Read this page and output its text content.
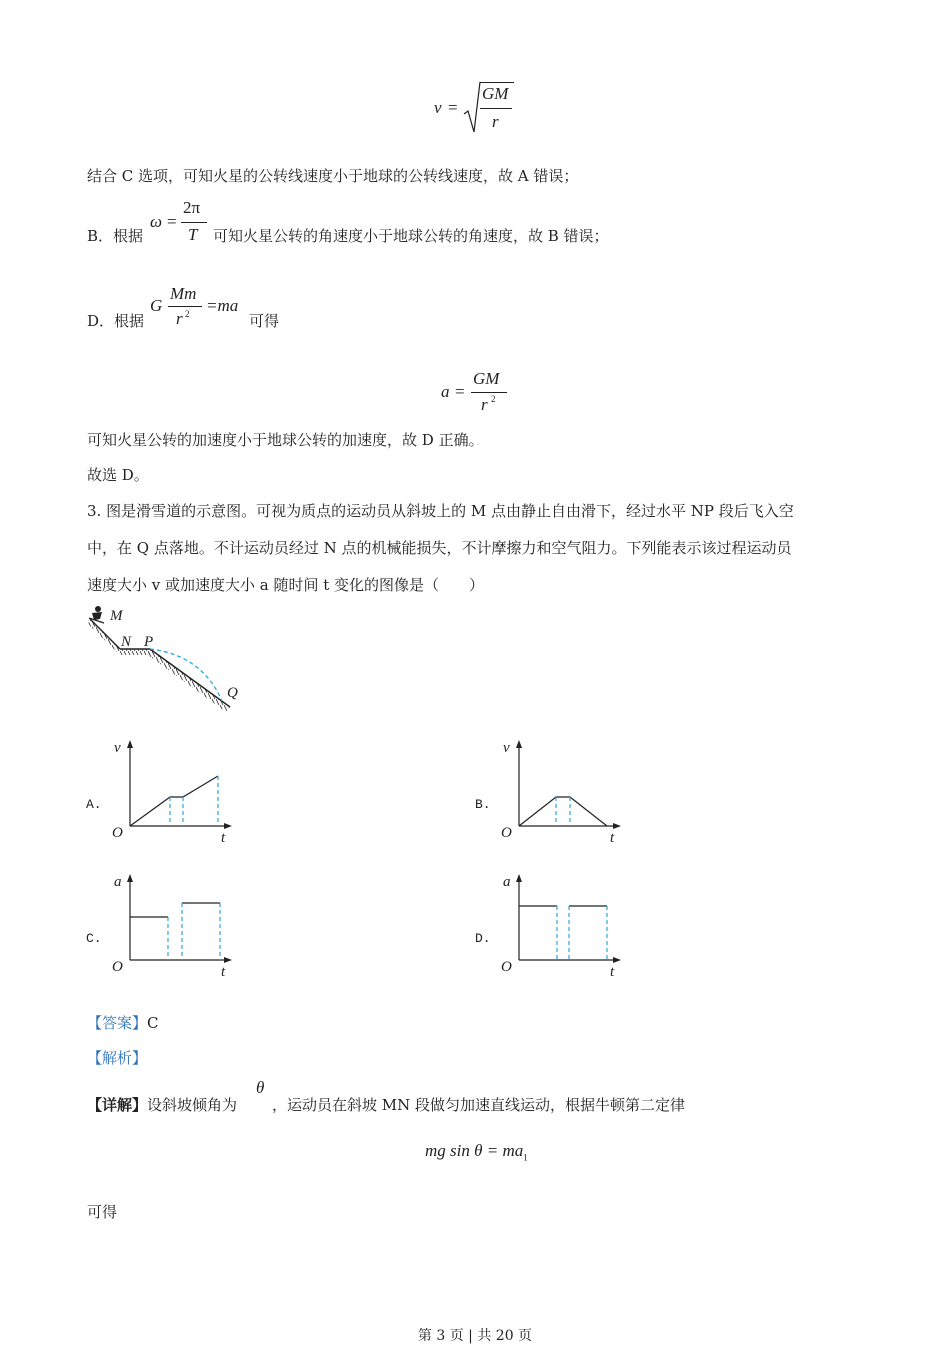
v =
GM
r
结合 C 选项，可知火星的公转线速度小于地球的公转线速度，故 A 错误；
B．根据
ω =
2π
T 可知火星公转的角速度小于地球公转的角速度，故 B 错误；
D．根据
G
Mm
r 2 =ma
可得
a =
GM
r 2
可知火星公转的加速度小于地球公转的加速度，故 D 正确。
故选 D。
3. 图是滑雪道的示意图。可视为质点的运动员从斜坡上的 M 点由静止自由滑下，经过水平 NP 段后飞入空
中，在 Q 点落地。不计运动员经过 N 点的机械能损失，不计摩擦力和空气阻力。下列能表示该过程运动员
速度大小 v 或加速度大小 a 随时间 t 变化的图像是（　　）
M
N P
Q
A.
v
O	t
B.
v
O	t
C.
a
O	t
D.
a
O	t
【答案】C
【解析】
【详解】设斜坡倾角为
θ
，运动员在斜坡 MN 段做匀加速直线运动，根据牛顿第二定律
mg $\sin \theta = ma_1$
可得
第 3 页 | 共 20 页
